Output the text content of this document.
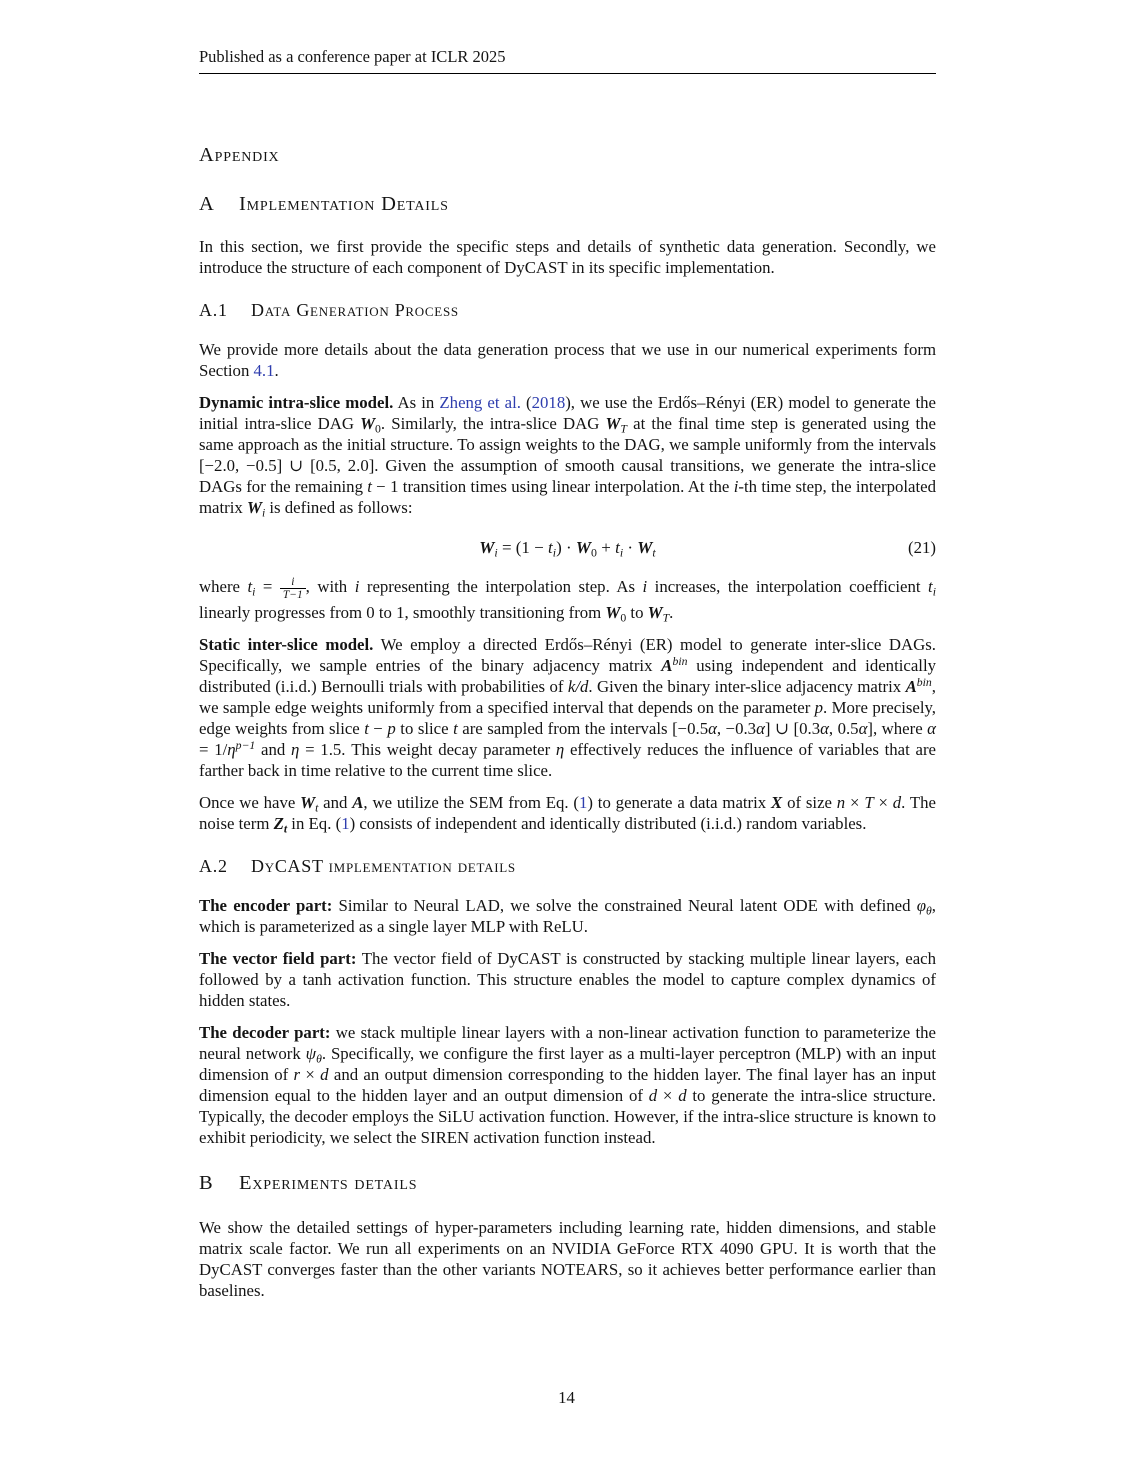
Published as a conference paper at ICLR 2025
Appendix
A Implementation Details

In this section, we first provide the specific steps and details of synthetic data generation. Secondly, we introduce the structure of each component of DyCAST in its specific implementation.

A.1 Data Generation Process

We provide more details about the data generation process that we use in our numerical experiments form Section 4.1.

Dynamic intra-slice model. As in Zheng et al. (2018), we use the Erdős–Rényi (ER) model to generate the initial intra-slice DAG $W_0$. Similarly, the intra-slice DAG $W_T$ at the final time step is generated using the same approach as the initial structure. To assign weights to the DAG, we sample uniformly from the intervals [−2.0, −0.5] ∪ [0.5, 2.0]. Given the assumption of smooth causal transitions, we generate the intra-slice DAGs for the remaining t − 1 transition times using linear interpolation. At the i-th time step, the interpolated matrix $W_i$ is defined as follows:

$W_i = (1 - t_i) \cdot W_0 + t_i \cdot W_t$	(21)

where $t_i = \frac{i}{T-1}$ , with i representing the interpolation step. As i increases, the interpolation coefficient $t_i$ linearly progresses from 0 to 1, smoothly transitioning from $W_0$ to $W_T$.

Static inter-slice model. We employ a directed Erdős–Rényi (ER) model to generate inter-slice DAGs. Specifically, we sample entries of the binary adjacency matrix $A^{bin}$ using independent and identically distributed (i.i.d.) Bernoulli trials with probabilities of k/d. Given the binary inter-slice adjacency matrix $A^{bin}$, we sample edge weights uniformly from a specified interval that depends on the parameter p. More precisely, edge weights from slice t − p to slice t are sampled from the intervals [−0.5α, −0.3α] ∪ [0.3α, 0.5α], where $\alpha = 1/\eta^{p-1}$ and η = 1.5. This weight decay parameter η effectively reduces the influence of variables that are farther back in time relative to the current time slice.

Once we have $W_t$ and A, we utilize the SEM from Eq. (1) to generate a data matrix X of size n × T × d. The noise term $Z_t$ in Eq. (1) consists of independent and identically distributed (i.i.d.) random variables.

A.2 DyCAST implementation details

The encoder part: Similar to Neural LAD, we solve the constrained Neural latent ODE with defined $\varphi_\theta$, which is parameterized as a single layer MLP with ReLU.

The vector field part: The vector field of DyCAST is constructed by stacking multiple linear layers, each followed by a tanh activation function. This structure enables the model to capture complex dynamics of hidden states.

The decoder part: we stack multiple linear layers with a non-linear activation function to parameterize the neural network $\psi_\theta$. Specifically, we configure the first layer as a multi-layer perceptron (MLP) with an input dimension of r × d and an output dimension corresponding to the hidden layer. The final layer has an input dimension equal to the hidden layer and an output dimension of d × d to generate the intra-slice structure. Typically, the decoder employs the SiLU activation function. However, if the intra-slice structure is known to exhibit periodicity, we select the SIREN activation function instead.

B Experiments details

We show the detailed settings of hyper-parameters including learning rate, hidden dimensions, and stable matrix scale factor. We run all experiments on an NVIDIA GeForce RTX 4090 GPU. It is worth that the DyCAST converges faster than the other variants NOTEARS, so it achieves better performance earlier than baselines.

14
